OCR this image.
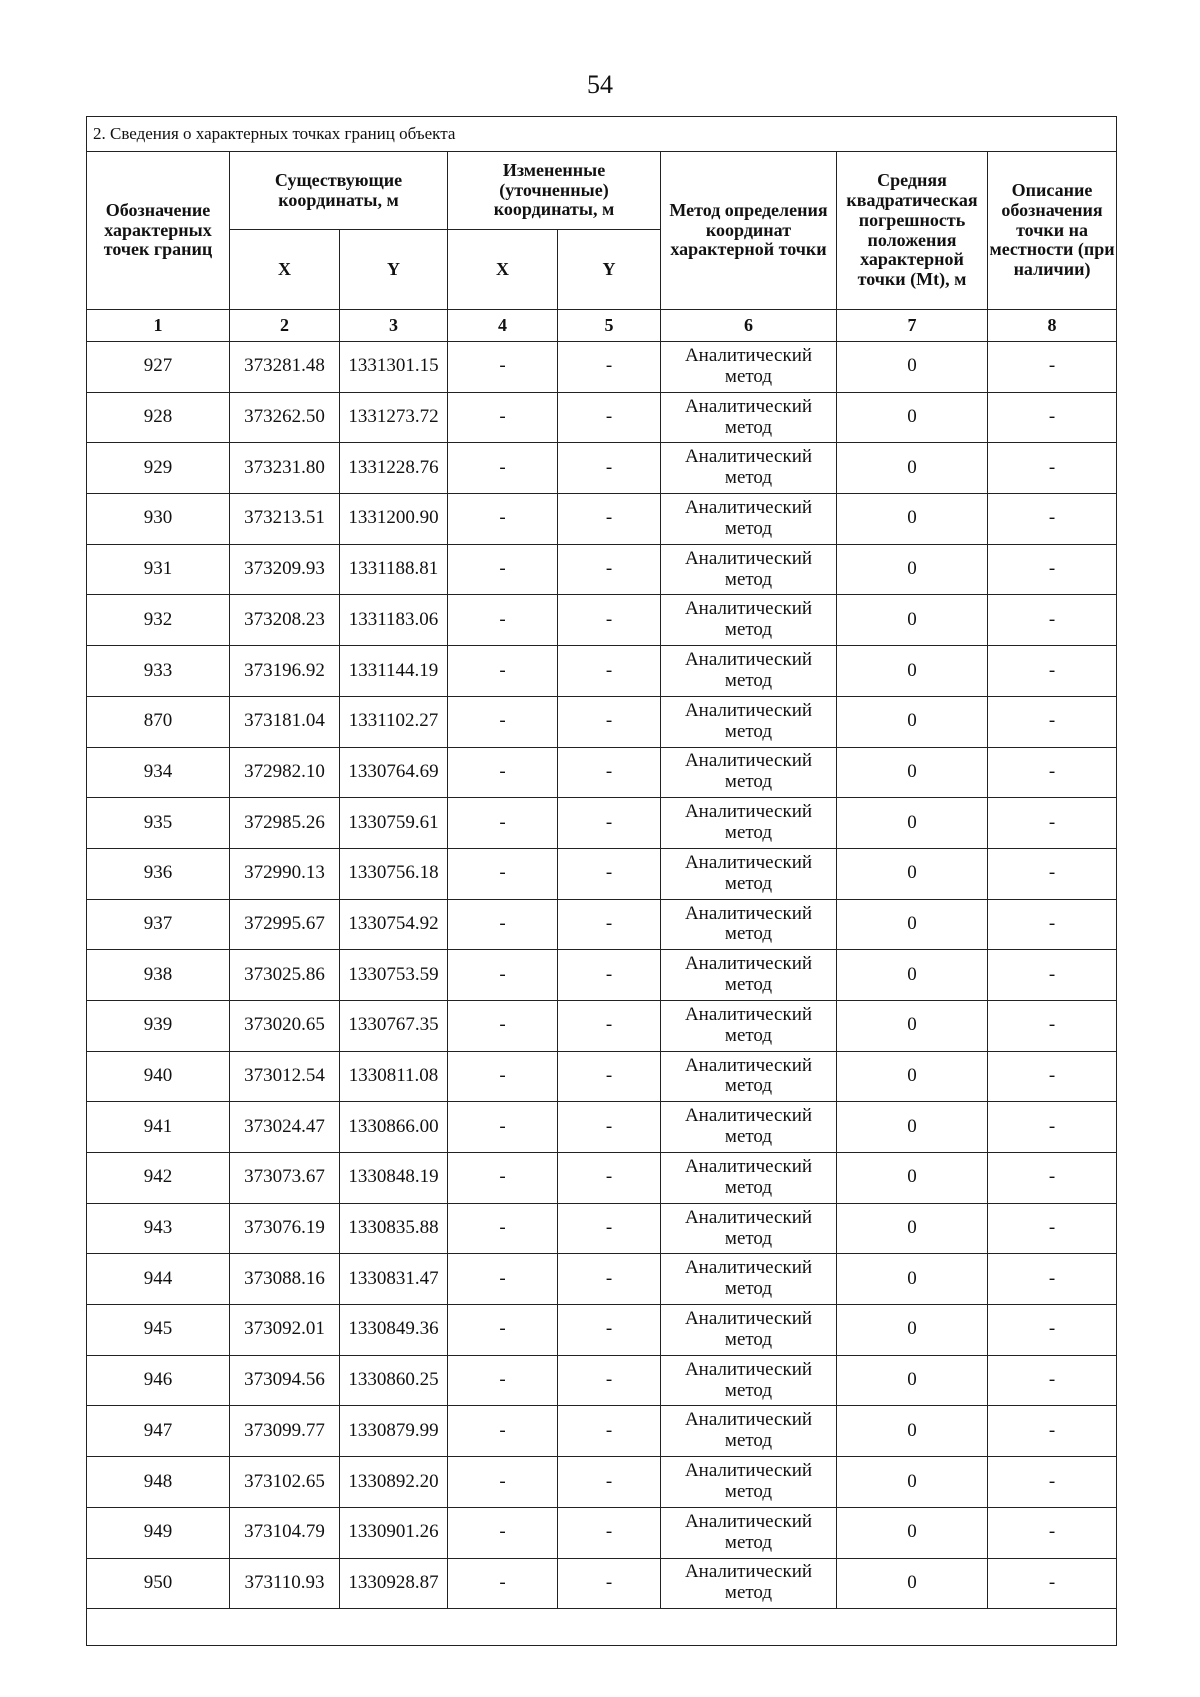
54
2. Сведения о характерных точках границ объекта							
Обозначение характерных точек границ	Существующие координаты, м		Измененные (уточненные) координаты, м		Метод определения координат характерной точки	Средняя квадратическая погрешность положения характерной точки (Mt), м	Описание обозначения точки на местности (при наличии)
	X	Y	X	Y			
1	2	3	4	5	6	7	8
927	373281.48	1331301.15	-	-	Аналитический метод	0	-
928	373262.50	1331273.72	-	-	Аналитический метод	0	-
929	373231.80	1331228.76	-	-	Аналитический метод	0	-
930	373213.51	1331200.90	-	-	Аналитический метод	0	-
931	373209.93	1331188.81	-	-	Аналитический метод	0	-
932	373208.23	1331183.06	-	-	Аналитический метод	0	-
933	373196.92	1331144.19	-	-	Аналитический метод	0	-
870	373181.04	1331102.27	-	-	Аналитический метод	0	-
934	372982.10	1330764.69	-	-	Аналитический метод	0	-
935	372985.26	1330759.61	-	-	Аналитический метод	0	-
936	372990.13	1330756.18	-	-	Аналитический метод	0	-
937	372995.67	1330754.92	-	-	Аналитический метод	0	-
938	373025.86	1330753.59	-	-	Аналитический метод	0	-
939	373020.65	1330767.35	-	-	Аналитический метод	0	-
940	373012.54	1330811.08	-	-	Аналитический метод	0	-
941	373024.47	1330866.00	-	-	Аналитический метод	0	-
942	373073.67	1330848.19	-	-	Аналитический метод	0	-
943	373076.19	1330835.88	-	-	Аналитический метод	0	-
944	373088.16	1330831.47	-	-	Аналитический метод	0	-
945	373092.01	1330849.36	-	-	Аналитический метод	0	-
946	373094.56	1330860.25	-	-	Аналитический метод	0	-
947	373099.77	1330879.99	-	-	Аналитический метод	0	-
948	373102.65	1330892.20	-	-	Аналитический метод	0	-
949	373104.79	1330901.26	-	-	Аналитический метод	0	-
950	373110.93	1330928.87	-	-	Аналитический метод	0	-
